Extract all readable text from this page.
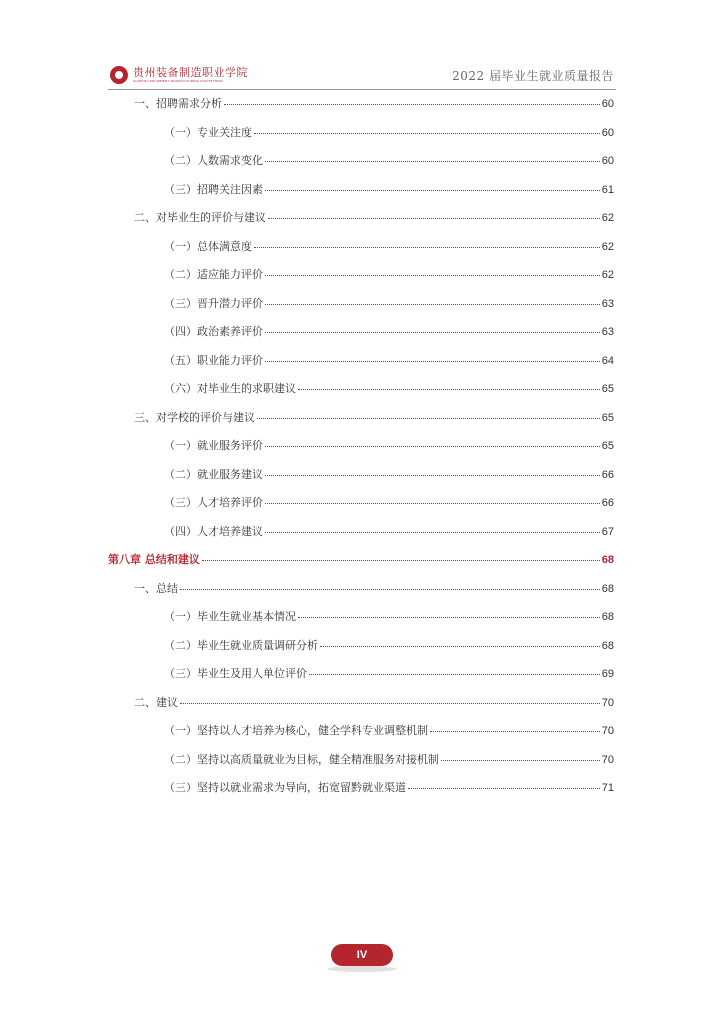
贵州装备制造职业学院
GUIZHOU EQUIPMENT MANUFACTURING POLYTECHNIC	2022 届毕业生就业质量报告
一、招聘需求分析	60
（一）专业关注度	60
（二）人数需求变化	60
（三）招聘关注因素	61
二、对毕业生的评价与建议	62
（一）总体满意度	62
（二）适应能力评价	62
（三）晋升潜力评价	63
（四）政治素养评价	63
（五）职业能力评价	64
（六）对毕业生的求职建议	65
三、对学校的评价与建议	65
（一）就业服务评价	65
（二）就业服务建议	66
（三）人才培养评价	66
（四）人才培养建议	67
第八章 总结和建议	68
一、总结	68
（一）毕业生就业基本情况	68
（二）毕业生就业质量调研分析	68
（三）毕业生及用人单位评价	69
二、建议	70
（一）坚持以人才培养为核心，健全学科专业调整机制	70
（二）坚持以高质量就业为目标，健全精准服务对接机制	70
（三）坚持以就业需求为导向，拓宽留黔就业渠道	71
IV
